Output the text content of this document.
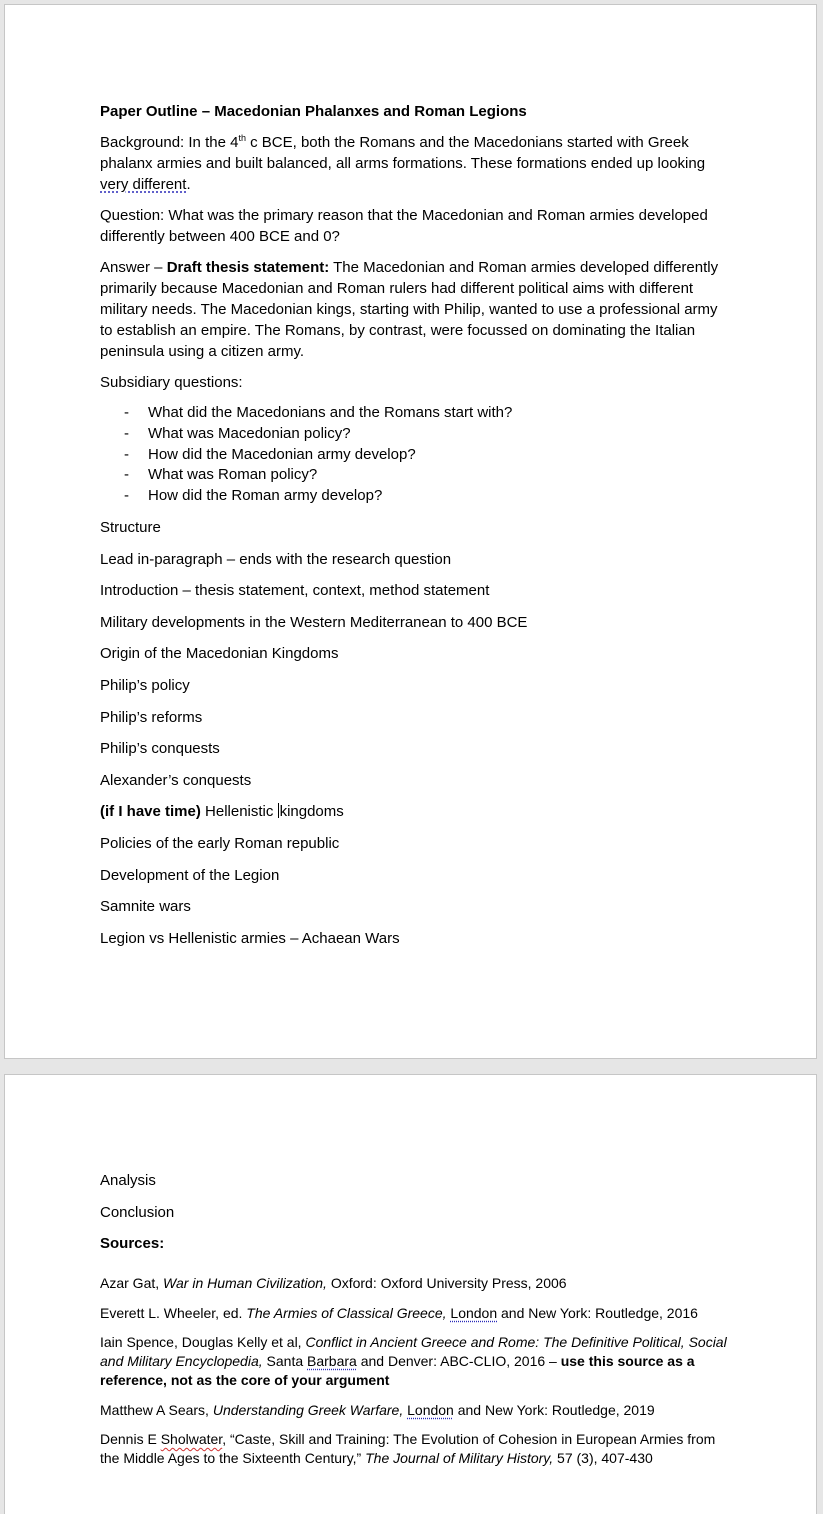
Paper Outline – Macedonian Phalanxes and Roman Legions

Background: In the 4th c BCE, both the Romans and the Macedonians started with Greek phalanx armies and built balanced, all arms formations. These formations ended up looking very different.

Question: What was the primary reason that the Macedonian and Roman armies developed differently between 400 BCE and 0?

Answer – Draft thesis statement: The Macedonian and Roman armies developed differently primarily because Macedonian and Roman rulers had different political aims with different military needs. The Macedonian kings, starting with Philip, wanted to use a professional army to establish an empire. The Romans, by contrast, were focussed on dominating the Italian peninsula using a citizen army.

Subsidiary questions:

- What did the Macedonians and the Romans start with?
- What was Macedonian policy?
- How did the Macedonian army develop?
- What was Roman policy?
- How did the Roman army develop?

Structure

Lead in-paragraph – ends with the research question

Introduction – thesis statement, context, method statement

Military developments in the Western Mediterranean to 400 BCE

Origin of the Macedonian Kingdoms

Philip’s policy

Philip’s reforms

Philip’s conquests

Alexander’s conquests

(if I have time) Hellenistic kingdoms

Policies of the early Roman republic

Development of the Legion

Samnite wars

Legion vs Hellenistic armies – Achaean Wars

Analysis

Conclusion

Sources:

Azar Gat, War in Human Civilization, Oxford: Oxford University Press, 2006

Everett L. Wheeler, ed. The Armies of Classical Greece, London and New York: Routledge, 2016

Iain Spence, Douglas Kelly et al, Conflict in Ancient Greece and Rome: The Definitive Political, Social and Military Encyclopedia, Santa Barbara and Denver: ABC-CLIO, 2016 – use this source as a reference, not as the core of your argument

Matthew A Sears, Understanding Greek Warfare, London and New York: Routledge, 2019

Dennis E Sholwater, “Caste, Skill and Training: The Evolution of Cohesion in European Armies from the Middle Ages to the Sixteenth Century,” The Journal of Military History, 57 (3), 407-430
